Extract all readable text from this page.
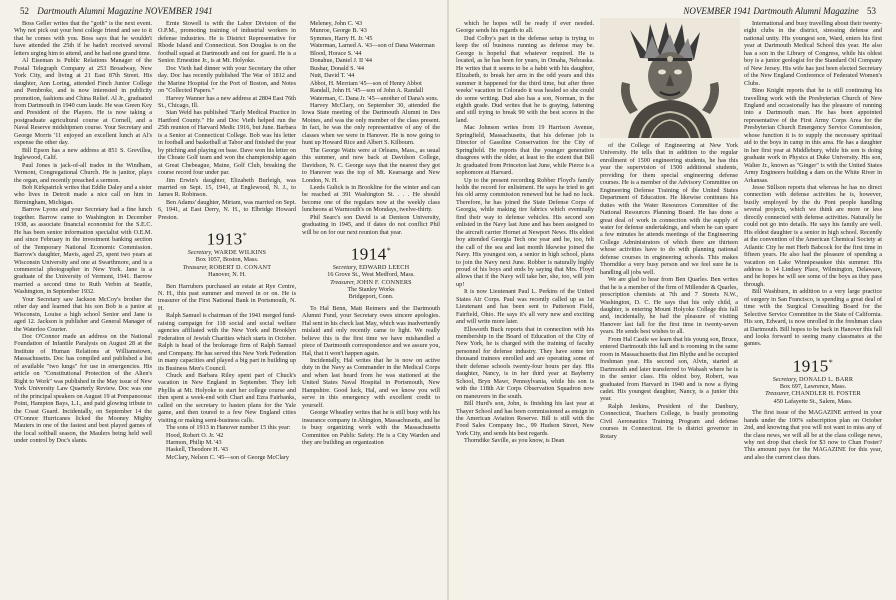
52 Dartmouth Alumni Magazine NOVEMBER 1941	NOVEMBER 1941 Dartmouth Alumni Magazine 53

Boss Geller writes that the "goth" is the next event. Why not pick out your best college friend and see to it that he comes with you. Boss says that he wouldn't have attended the 25th if he hadn't received several letters urging him to attend, and he had one grand time.

Al Eiseman is Public Relations Manager of the Postal Telegraph Company at 253 Broadway, New York City, and living at 21 East 87th Street. His daughter, Ann Loring, attended Finch Junior College and Pembroke, and is now interested in publicity promotion, fashions and China Relief. Al Jr., graduated from Dartmouth in 1940 cum laude. He was Green Key and President of the Players. He is now taking a postgraduate agricultural course at Cornell, and a Naval Reserve midshipmen course. Your Secretary and George Morris '11 enjoyed an excellent lunch at Al's expense the other day.

Bill Epson has a new address at 851 S. Grevillea, Inglewood, Calif.

Paul Jones is jack-of-all trades in the Windham, Vermont, Congregational Church. He is janitor, plays the organ, and recently preached a sermon.

Bob Kirkpatrick writes that Eddie Daley and a sister who lives in Detroit made a nice call on him in Birmingham, Michigan.

Barrow Lyons and your Secretary had a fine lunch together. Barrow came to Washington in December 1938, as associate financial economist for the S.E.C. He has been senior information specialist with O.E.M. and since February in the investment banking section of the Temporary National Economic Commission. Barrow's daughter, Mavis, aged 25, spent two years at Wisconsin University and one at Swarthmore, and is a commercial photographer in New York. Jane is a graduate of the University of Vermont, 1941. Barrow married a second time to Ruth Verbin at Seattle, Washington, in September 1932.

Your Secretary saw Jackson McCoy's brother the other day and learned that his son Bob is a junior at Wisconsin, Louise a high school Senior and Jane is aged 12. Jackson is publisher and General Manager of the Waterloo Courier.

Doc O'Connor made an address on the National Foundation of Infantile Paralysis on August 28 at the Institute of Human Relations at Williamstown, Massachusetts. Doc has compiled and published a list of available "two lungs" for use in emergencies. His article on "Constitutional Protection of the Alien's Right to Work" was published in the May issue of New York University Law Quarterly Review. Doc was one of the principal speakers on August 19 at Pompanoosuc Point, Hampton Bays, L.I., and paid glowing tribute to the Coast Guard. Incidentally, on September 14 the O'Connor Hurricanes licked the Mooney Mighty Mauiers in one of the fastest and best played games of the local softball season, the Maulers being held well under control by Doc's slants.

Ernie Stowell is with the Labor Division of the O.P.M., promoting training of industrial workers in defense industries. He is District Representative for Rhode Island and Connecticut. Son Douglas is on the football squad at Dartmouth and out for guard. He is a Senior. Ernestine Jr., is at Mt. Holyoke.

Doc Vieth had dinner with your Secretary the other day. Doc has recently published The War of 1812 and the Marine Hospital for the Port of Boston, and Notes on "Collected Papers."

Harvey Wanner has a new address at 2804 East 76th St., Chicago, Ill.

Stan Weld has published "Early Medical Practice in Hartford County." He and Doc Vieth helped run the 25th reunion of Harvard Medic 1916, but June. Barbara is a Senior at Connecticut College. Bob was his letter in football and basketball at Tabor and finished the year by pitching and playing on base. Dave won his letter on the Choate Golf team and won the championship again at Great Chebeague, Maine, Golf Club, breaking the course record four under par.

Jim Erwin's daughter, Elizabeth Burleigh, was married on Sept. 15, 1941, at Englewood, N. J., to James R. Robinson.

Ben Adams' daughter, Miriam, was married on Sept. 6, 1941, at East Derry, N. H., to Elbridge Howard Preston.

1913*
Secretary, WARDE WILKINS
Box 1057, Boston, Mass.
Treasurer, ROBERT D. CONANT
Hanover, N. H.

Ben Harrubers purchased an estate at Rye Centre, N. H., this past summer and moved in or on. He is treasurer of the First National Bank in Portsmouth, N. H.

Ralph Samuel is chairman of the 1941 merged fund-raising campaign for 118 social and social welfare agencies affiliated with the New York and Brooklyn Federation of Jewish Charities which starts in October. Ralph is head of the brokerage firm of Ralph Samuel and Company. He has served this New York Federation in many capacities and played a big part in building up its Business Men's Council.

Chuck and Barbara Riley spent part of Chuck's vacation in New England in September. They left Phyllis at Mt. Holyoke to start her college course and then spent a week-end with Chari and Ezra Fairbanks, called on the secretary to hasten plans for the Yale game, and then toured to a few New England cities visiting or making semi-business calls.

The sons of 1913 in Hanover number 15 this year:

Hood, Robert O. Jr. '42

Harmon, Philip M. '43

Haskell, Theodore H. '43

McClary, Nelson C. '45—son of George McClary

Meleney, John C. '43

Munroe, George B. '43

Symmes, Harry H. Jr. '45

Waterman, Larned A. '43—son of Dana Waterman

Blood, Horace S. '44

Donahue, Daniel J. II '44

Bushar, Donald S. '44

Nutt, David T. '44

Abbot, H. Merriam '45—son of Henry Abbot

Randall, John H. '45—son of John A. Randall

Waterman, C. Dana Jr. '45—another of Dana's sons.

Harvey McClary, on September 30, attended the Iowa State meeting of the Dartmouth Alumni in Des Moines, and was the only member of the class present. In fact, he was the only representative of any of the classes when we were in Hanover. He is now going to hunt up Howard Rice and Albert S. Kilbourn.

The George Watts were at Orleans, Mass., as usual this summer, and now back at Davidson College, Davidson, N. C. George says that the nearest they got to Hanover was the top of Mt. Kearsarge and New London, N. H.

Leeds Gulick is in Brookline for the winter and can be reached at 391 Washington St. . . . He should become one of the regulars now at the weekly class luncheons at Warmouth's on Mondays, twelve-thirty.

Phil Searc's son David is at Denison University, graduating in 1945, and if dates do not conflict Phil will be on for our next reunion that year.

1914*
Secretary, EDWARD LEECH
16 Grove St., West Medford, Mass.
Treasurer, JOHN F. CONNERS
The Stanley Works
Bridgeport, Conn.

To Hal Benn, Matt Reimers and the Dartmouth Alumni Fund, your Secretary owes sincere apologies. Hal sent in his check last May, which was inadvertently mislaid and only recently came to light. We really believe this is the first time we have mishandled a piece of Dartmouth correspondence and we assure you, Hal, that it won't happen again.

Incidentally, Hal writes that he is now on active duty in the Navy as Commander in the Medical Corps and when last heard from he was stationed at the United States Naval Hospital in Portsmouth, New Hampshire. Good luck, Hal, and we know you will serve in this emergency with excellent credit to yourself.

George Wheatley writes that he is still busy with his insurance company in Abington, Massachusetts, and he is busy organizing work with the Massachusetts Committee on Public Safety. He is a City Warden and they are building an organization

which he hopes will be ready if ever needed. George sends his regards to all.

Dud Colby's part in the defense setup is trying to keep the oil business running as defense may be. George is hopeful that whatever required. He is located, as he has been for years, in Omaha, Nebraska. He writes that it seems to be a habit with his daughter, Elizabeth, to break her arm in the odd years and this summer it happened for the third time, but after three weeks' vacation in Colorado it was healed so she could do some writing. Dud also has a son, Norman, in the eighth grade. Dud writes that he is graying, fattening and still trying to break 90 with the best scores in the land.

Mac Johnson writes from 19 Harrison Avenue, Springfield, Massachusetts, that his defense job is Director of Gasoline Conservation for the City of Springfield. He reports that the younger generation disagrees with the older, at least to the extent that Bill Jr. graduated from Princeton last June, while Pierce is a sophomore at Harvard.

Up to the present recording Robber Floyd's family holds the record for enlistment. He says he tried to get his old army commission renewed but he had no luck. Therefore, he has joined the State Defense Corps of Georgia, while making tire fabrics which eventually find their way to defense vehicles. His second son enlisted in the Navy last June and has been assigned to the aircraft carrier Hornet at Newport News. His eldest boy attended Georgia Tech one year and he, too, felt the call of the sea and last month likewise joined the Navy. His youngest son, a senior in high school, plans to join the Navy next June. Robber is naturally highly proud of his boys and ends by saying that Mrs. Floyd allows that if the Navy will take her, she, too, will join up!

It is now Lieutenant Paul L. Perkins of the United States Air Corps. Paul was recently called up as 1st Lieutenant and has been sent to Patterson Field, Fairfield, Ohio. He says it's all very new and exciting and will write more later.

Ellsworth Buck reports that in connection with his membership in the Board of Education of the City of New York, he is charged with the training of faculty personnel for defense industry. They have some ten thousand trainees enrolled and are operating some of their defense schools twenty-four hours per day. His daughter, Nancy, is in her third year at Bayberry School, Bryn Mawr, Pennsylvania, while his son is with the 118th Air Corps Observation Squadron now on maneuvers in the south.

Bill Hurd's son, John, is finishing his last year at Thayer School and has been commissioned as ensign in the American Aviation Reserve. Bill is still with the Food Sales Company Inc., 99 Hudson Street, New York City, and sends his best regards.

Thorndike Saville, as you know, is Dean

of the College of Engineering at New York University. He tells that in addition to the regular enrollment of 1500 engineering students, he has this year the supervision of 1500 additional students, providing for them special engineering defense courses. He is a member of the Advisory Committee on Engineering Defense Training of the United States Department of Education. He likewise continues his duties with the Water Resources Committee of the National Resources Planning Board. He has done a great deal of work in connection with the supply of water for defense undertakings, and when he can spare a few minutes he attends meetings of the Engineering College Administrators of which there are thirteen whose activities have to do with planning national defense courses in engineering schools. This makes Thorndike a very busy person and we feel sure he is handling all jobs well.

We are glad to hear from Ben Quarles. Ben writes that he is a member of the firm of Millender & Quarles, prescription chemists at 7th and 7 Streets N.W., Washington, D. C. He says that his only child, a daughter, is entering Mount Holyoke College this fall and, incidentally, he had the pleasure of visiting Hanover last fall for the first time in twenty-seven years. He sends best wishes to all.

From Hal Castle we learn that his young son, Bruce, entered Dartmouth this fall and is rooming in the same room in Massachusetts that Jim Blythe and he occupied freshman year. His second son, Alvin, started at Dartmouth and later transferred to Wabash where he is in the senior class. His oldest boy, Robert, was graduated from Harvard in 1940 and is now a flying cadet. His youngest daughter, Nancy, is a junior this year.

Ralph Jenkins, President of the Danbury, Connecticut, Teachers College, is busily promoting Civil Aeronautics Training Program and defense courses in Connecticut. He is district governor in Rotary

International and busy travelling about their twenty-eight clubs in the district, stressing defense and national unity. His youngest son, Ward, enters his first year at Dartmouth Medical School this year. He also has a son in the Library of Congress, while his oldest boy is a junior geologist for the Standard Oil Company of New Jersey. His wife has just been elected Secretary of the New England Conference of Federated Women's Clubs.

Bino Knight reports that he is still continuing his travelling work with the Presbyterian Church of New England and occasionally has the pleasure of running into a Dartmouth man. He has been appointed representative of the First Army Corps Area for the Presbyterian Church Emergency Service Commission, whose function it is to supply the necessary spiritual aid to the boys in camp in this area. He has a daughter in her first year at Middlebury, while his son is doing graduate work in Physics at Duke University. His son, Walter Jr., known as "Ginger" is with the United States Army Engineers building a dam on the White River in Arkansas.

Jesse Stillson reports that whereas he has no direct connection with defense activities he is, however, busily employed by the du Pont people handling several projects, which we think are more or less directly connected with defense activities. Naturally he could not go into details. He says his family are well. His eldest daughter is a senior in high school. Recently at the convention of the American Chemical Society at Atlantic City he met Herb Babcock for the first time in fifteen years. He also had the pleasure of spending a vacation on Lake Winnipesaukee this summer. His address is 14 Lindsey Place, Wilmington, Delaware, and he hopes he will see some of the boys as they pass through.

Bill Washburn, in addition to a very large practice of surgery in San Francisco, is spending a great deal of time with the Surgical Consulting Board for the Selective Service Committee in the State of California. His son, Edward, is now enrolled in the freshman class at Dartmouth. Bill hopes to be back in Hanover this fall and looks forward to seeing many classmates at the games.

1915*
Secretary, DONALD L. BARR
Box 697, Lawrence, Mass.
Treasurer, CHANDLER H. FOSTER
450 Lafayette St., Salem, Mass.

The first issue of the MAGAZINE arrived in your hands under the 100% subscription plan on October 2nd, and knowing that you will not want to miss any of the class news, we will all be at the class college news, why not drop that check for $3 now to Chan Foster? This amount pays for the MAGAZINE for this year, and also the current class dues.
